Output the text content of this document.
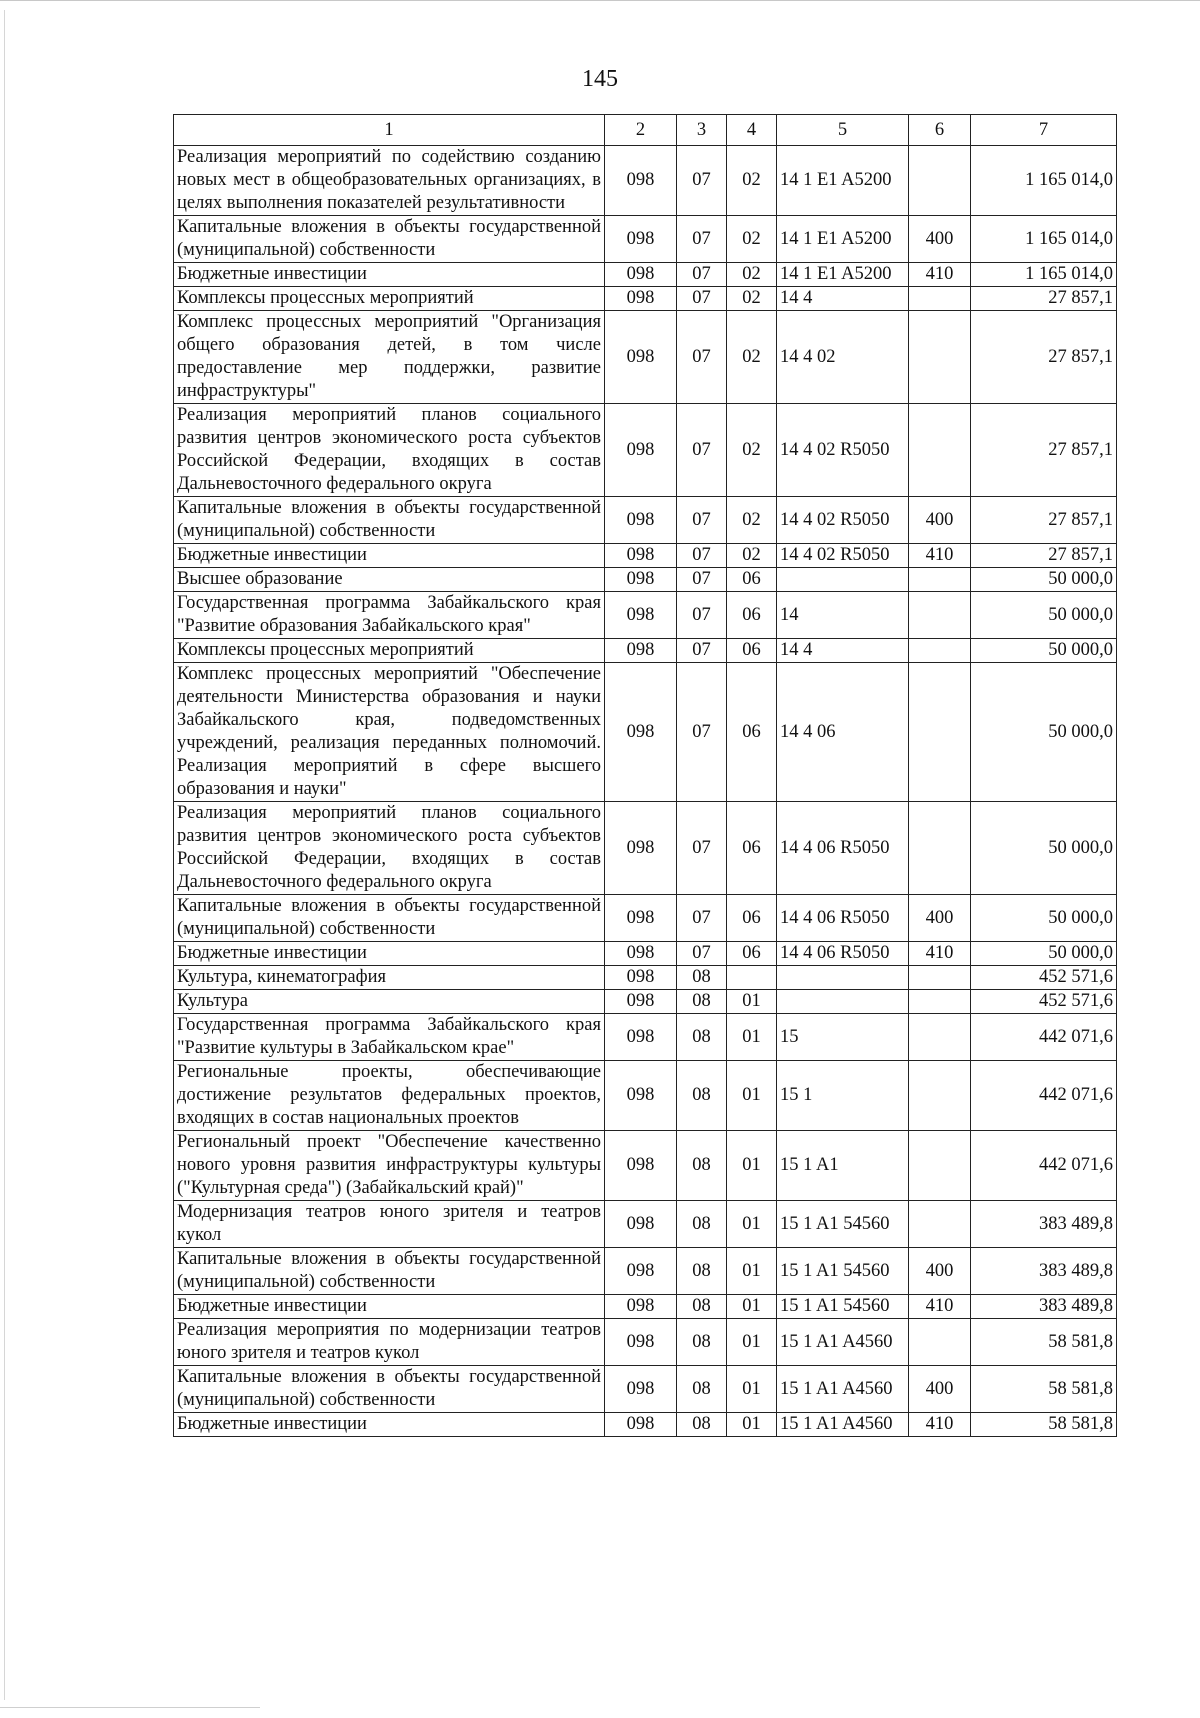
145
1	2	3	4	5	6	7
Реализация мероприятий по содействию созданию новых мест в общеобразовательных организациях, в целях выполнения показателей результативности	098	07	02	14 1 E1 A5200		1 165 014,0
Капитальные вложения в объекты государственной (муниципальной) собственности	098	07	02	14 1 E1 A5200	400	1 165 014,0
Бюджетные инвестиции	098	07	02	14 1 E1 A5200	410	1 165 014,0
Комплексы процессных мероприятий	098	07	02	14 4		27 857,1
Комплекс процессных мероприятий "Организация общего образования детей, в том числе предоставление мер поддержки, развитие инфраструктуры"	098	07	02	14 4 02		27 857,1
Реализация мероприятий планов социального развития центров экономического роста субъектов Российской Федерации, входящих в состав Дальневосточного федерального округа	098	07	02	14 4 02 R5050		27 857,1
Капитальные вложения в объекты государственной (муниципальной) собственности	098	07	02	14 4 02 R5050	400	27 857,1
Бюджетные инвестиции	098	07	02	14 4 02 R5050	410	27 857,1
Высшее образование	098	07	06			50 000,0
Государственная программа Забайкальского края "Развитие образования Забайкальского края"	098	07	06	14		50 000,0
Комплексы процессных мероприятий	098	07	06	14 4		50 000,0
Комплекс процессных мероприятий "Обеспечение деятельности Министерства образования и науки Забайкальского края, подведомственных учреждений, реализация переданных полномочий. Реализация мероприятий в сфере высшего образования и науки"	098	07	06	14 4 06		50 000,0
Реализация мероприятий планов социального развития центров экономического роста субъектов Российской Федерации, входящих в состав Дальневосточного федерального округа	098	07	06	14 4 06 R5050		50 000,0
Капитальные вложения в объекты государственной (муниципальной) собственности	098	07	06	14 4 06 R5050	400	50 000,0
Бюджетные инвестиции	098	07	06	14 4 06 R5050	410	50 000,0
Культура, кинематография	098	08				452 571,6
Культура	098	08	01			452 571,6
Государственная программа Забайкальского края "Развитие культуры в Забайкальском крае"	098	08	01	15		442 071,6
Региональные проекты, обеспечивающие достижение результатов федеральных проектов, входящих в состав национальных проектов	098	08	01	15 1		442 071,6
Региональный проект "Обеспечение качественно нового уровня развития инфраструктуры культуры ("Культурная среда") (Забайкальский край)"	098	08	01	15 1 A1		442 071,6
Модернизация театров юного зрителя и театров кукол	098	08	01	15 1 A1 54560		383 489,8
Капитальные вложения в объекты государственной (муниципальной) собственности	098	08	01	15 1 A1 54560	400	383 489,8
Бюджетные инвестиции	098	08	01	15 1 A1 54560	410	383 489,8
Реализация мероприятия по модернизации театров юного зрителя и театров кукол	098	08	01	15 1 A1 A4560		58 581,8
Капитальные вложения в объекты государственной (муниципальной) собственности	098	08	01	15 1 A1 A4560	400	58 581,8
Бюджетные инвестиции	098	08	01	15 1 A1 A4560	410	58 581,8
